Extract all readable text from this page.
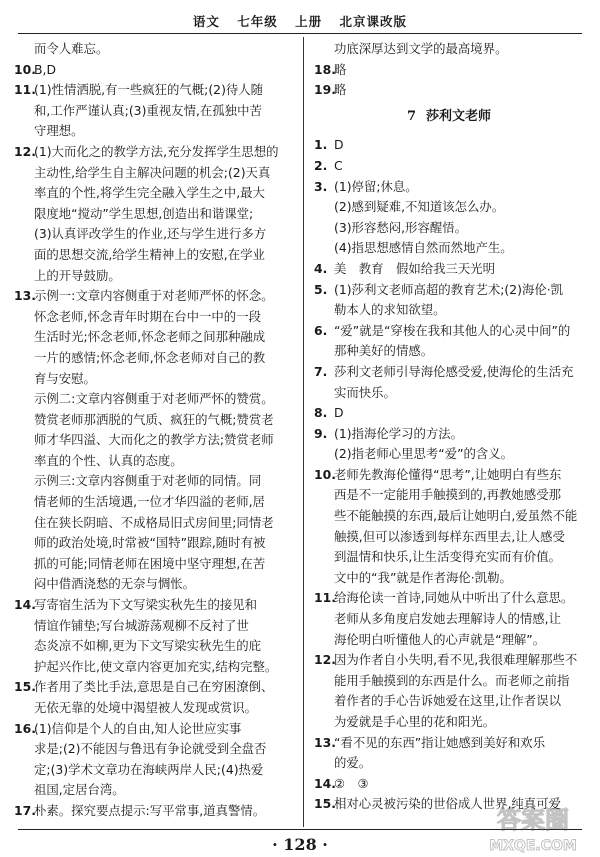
语文 七年级 上册 北京课改版
而令人难忘。
10.
B,D
11.
(1)性情洒脱,有一些疯狂的气概;(2)待人随
和,工作严谨认真;(3)重视友情,在孤独中苦
守理想。
12.
(1)大而化之的教学方法,充分发挥学生思想的
主动性,给学生自主解决问题的机会;(2)天真
率直的个性,将学生完全融入学生之中,最大
限度地“搅动”学生思想,创造出和谐课堂;
(3)认真评改学生的作业,还与学生进行多方
面的思想交流,给学生精神上的安慰,在学业
上的开导鼓励。
13.
示例一:文章内容侧重于对老师严怀的怀念。
怀念老师,怀念青年时期在台中一中的一段
生活时光;怀念老师,怀念老师之间那种融成
一片的感情;怀念老师,怀念老师对自己的教
育与安慰。
示例二:文章内容侧重于对老师严怀的赞赏。
赞赏老师那洒脱的气质、疯狂的气概;赞赏老
师才华四溢、大而化之的教学方法;赞赏老师
率直的个性、认真的态度。
示例三:文章内容侧重于对老师的同情。同
情老师的生活境遇,一位才华四溢的老师,居
住在狭长阴暗、不成格局旧式房间里;同情老
师的政治处境,时常被“国特”跟踪,随时有被
抓的可能;同情老师在困境中坚守理想,在苦
闷中借酒浇愁的无奈与惆怅。
14.
写寄宿生活为下文写梁实秋先生的接见和
情谊作铺垫;写台城游荡观柳不反衬了世
态炎凉不如柳,更为下文写梁实秋先生的庇
护起兴作比,使文章内容更加充实,结构完整。
15.
作者用了类比手法,意思是自己在穷困潦倒、
无依无靠的处境中渴望被人发现或赏识。
16.
(1)信仰是个人的自由,知人论世应实事
求是;(2)不能因与鲁迅有争论就受到全盘否
定;(3)学术文章功在海峡两岸人民;(4)热爱
祖国,定居台湾。
17.
朴素。探究要点提示:写平常事,道真警情。
功底深厚达到文学的最高境界。
18.
略
19.
略
7 莎利文老师
1. D
2. C
3. (1)停留;休息。
(2)感到疑难,不知道该怎么办。
(3)形容愁闷,形容醒悟。
(4)指思想感情自然而然地产生。
4. 美　教育　假如给我三天光明
5. (1)莎利文老师高超的教育艺术;(2)海伦·凯
勒本人的求知欲望。
6. “爱”就是“穿梭在我和其他人的心灵中间”的
那种美好的情感。
7. 莎利文老师引导海伦感受爱,使海伦的生活充
实而快乐。
8. D
9. (1)指海伦学习的方法。
(2)指老师心里思考“爱”的含义。
10.
老师先教海伦懂得“思考”,让她明白有些东
西是不一定能用手触摸到的,再教她感受那
些不能触摸的东西,最后让她明白,爱虽然不能
触摸,但可以渗透到每样东西里去,让人感受
到温情和快乐,让生活变得充实而有价值。
文中的“我”就是作者海伦·凯勒。
11.
给海伦读一首诗,同她从中听出了什么意思。
老师从多角度启发她去理解诗人的情感,让
海伦明白听懂他人的心声就是“理解”。
12.
因为作者自小失明,看不见,我很难理解那些不
能用手触摸到的东西是什么。而老师之前指
着作者的手心告诉她爱在这里,让作者误以
为爱就是手心里的花和阳光。
13.
“看不见的东西”指让她感到美好和欢乐
的爱。
14.
②　③
15.
相对心灵被污染的世俗成人世界,纯真可爱
· 128 ·
答案圈
MXQE.COM
